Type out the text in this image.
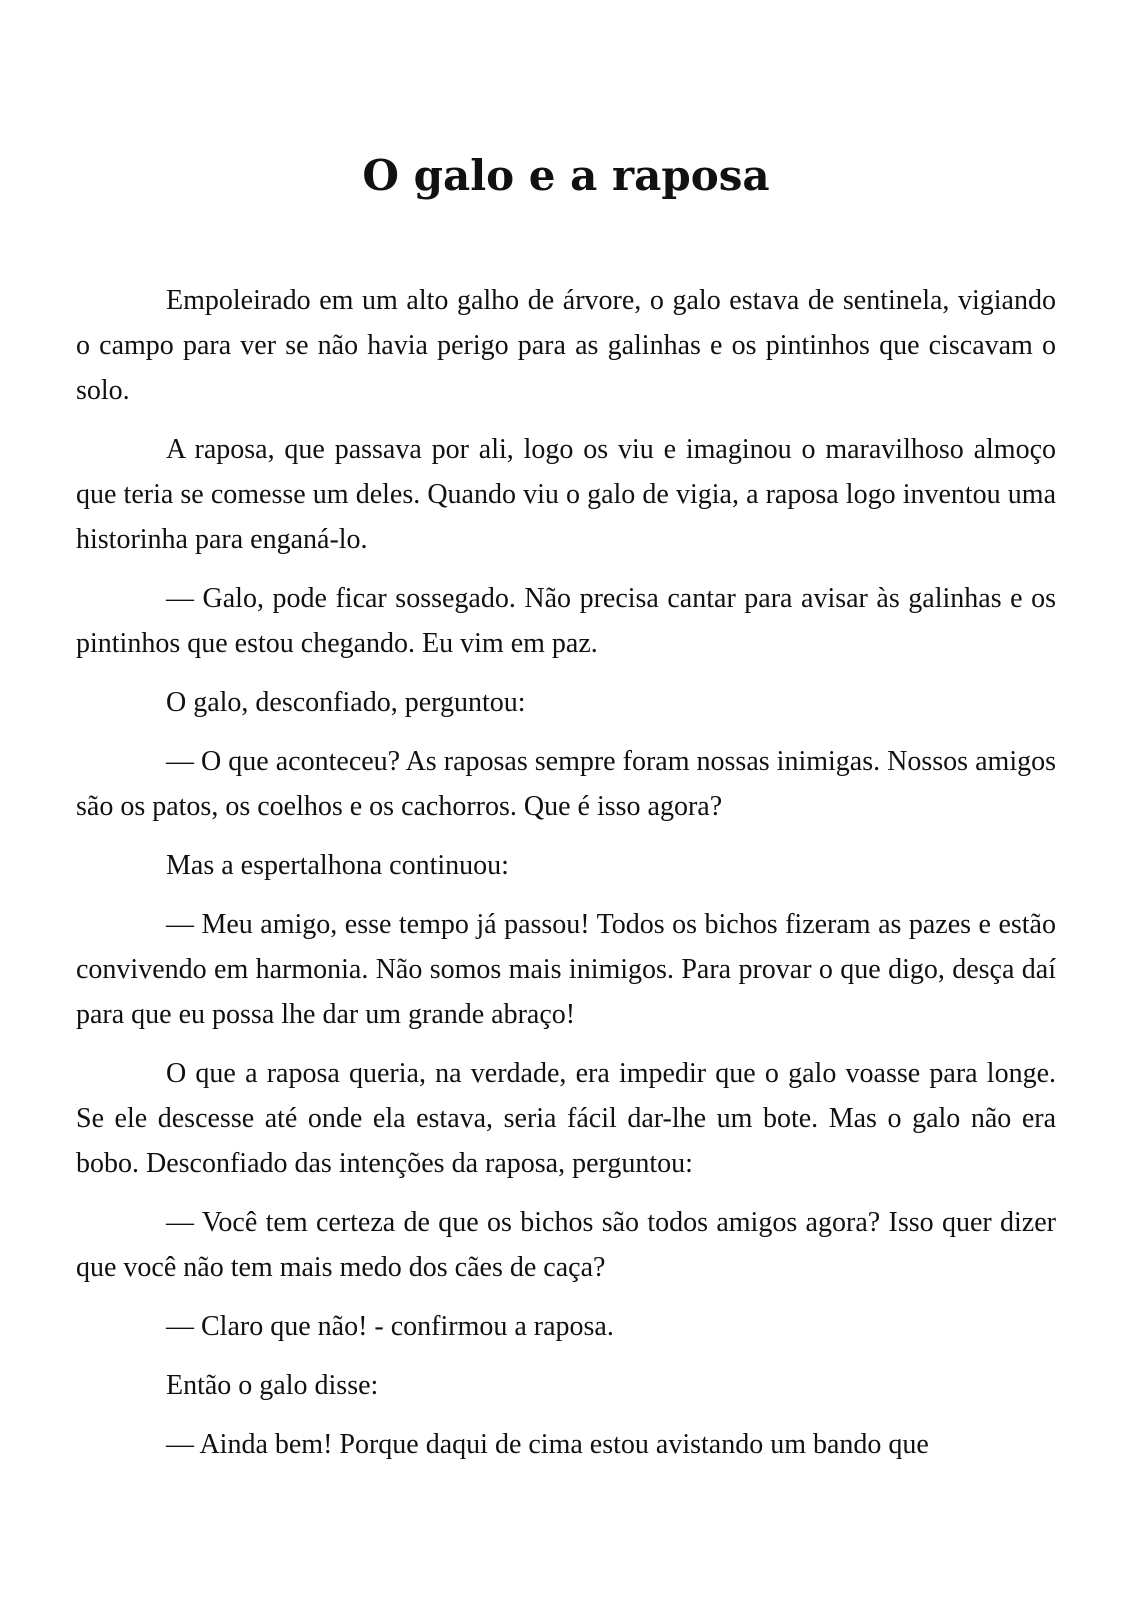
O galo e a raposa

Empoleirado em um alto galho de árvore, o galo estava de sentinela, vigiando o campo para ver se não havia perigo para as galinhas e os pintinhos que ciscavam o solo.

A raposa, que passava por ali, logo os viu e imaginou o maravilhoso almoço que teria se comesse um deles. Quando viu o galo de vigia, a raposa logo inventou uma historinha para enganá-lo.

— Galo, pode ficar sossegado. Não precisa cantar para avisar às galinhas e os pintinhos que estou chegando. Eu vim em paz.

O galo, desconfiado, perguntou:

— O que aconteceu? As raposas sempre foram nossas inimigas. Nossos amigos são os patos, os coelhos e os cachorros. Que é isso agora?

Mas a espertalhona continuou:

— Meu amigo, esse tempo já passou! Todos os bichos fizeram as pazes e estão convivendo em harmonia. Não somos mais inimigos. Para provar o que digo, desça daí para que eu possa lhe dar um grande abraço!

O que a raposa queria, na verdade, era impedir que o galo voasse para longe. Se ele descesse até onde ela estava, seria fácil dar-lhe um bote. Mas o galo não era bobo. Desconfiado das intenções da raposa, perguntou:

— Você tem certeza de que os bichos são todos amigos agora? Isso quer dizer que você não tem mais medo dos cães de caça?

— Claro que não! - confirmou a raposa.

Então o galo disse:

— Ainda bem! Porque daqui de cima estou avistando um bando que
